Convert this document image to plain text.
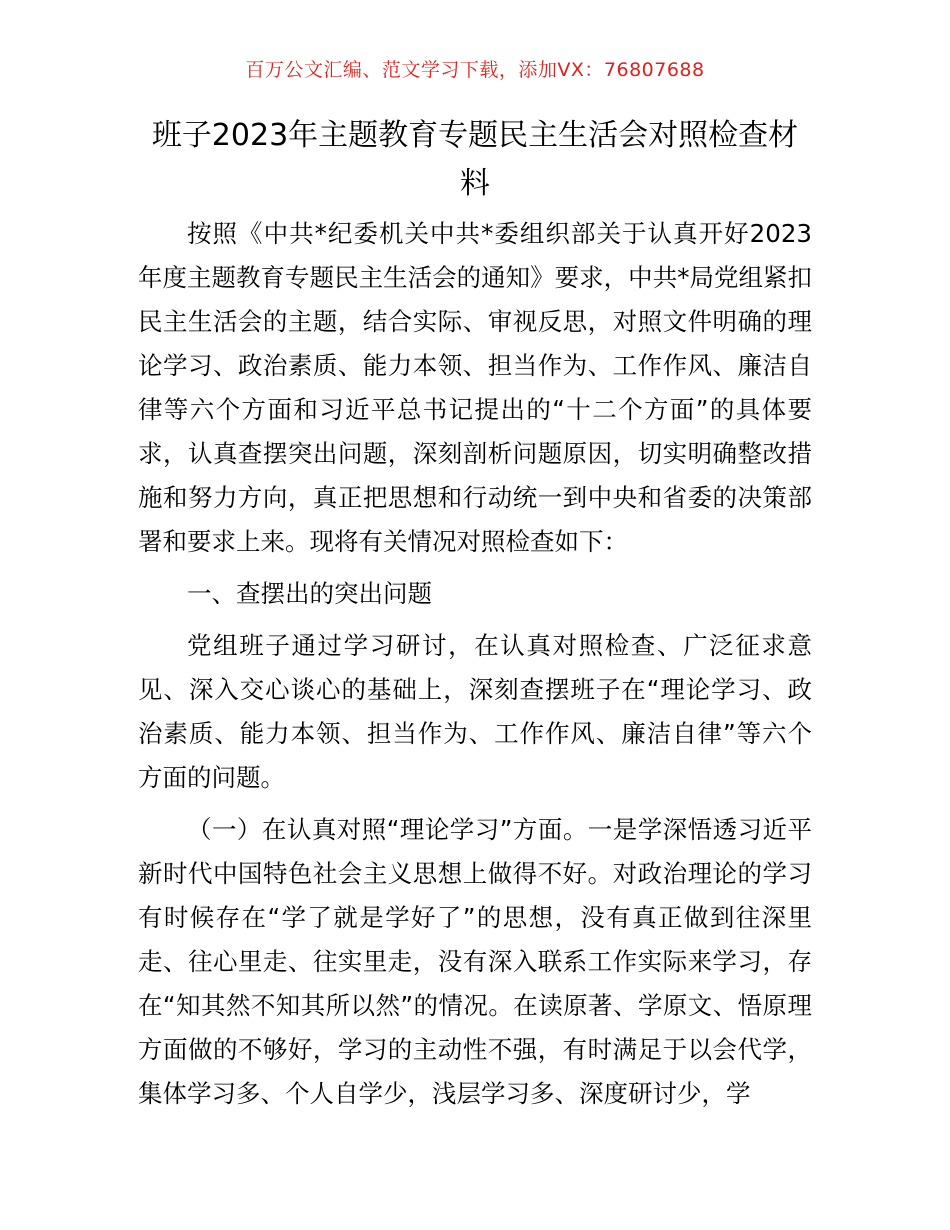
百万公文汇编、范文学习下载，添加VX：76807688
班子2023年主题教育专题民主生活会对照检查材料

按照《中共*纪委机关中共*委组织部关于认真开好2023年度主题教育专题民主生活会的通知》要求，中共*局党组紧扣民主生活会的主题，结合实际、审视反思，对照文件明确的理论学习、政治素质、能力本领、担当作为、工作作风、廉洁自律等六个方面和习近平总书记提出的“十二个方面”的具体要求，认真查摆突出问题，深刻剖析问题原因，切实明确整改措施和努力方向，真正把思想和行动统一到中央和省委的决策部署和要求上来。现将有关情况对照检查如下：

一、查摆出的突出问题

党组班子通过学习研讨，在认真对照检查、广泛征求意见、深入交心谈心的基础上，深刻查摆班子在“理论学习、政治素质、能力本领、担当作为、工作作风、廉洁自律”等六个方面的问题。

（一）在认真对照“理论学习”方面。一是学深悟透习近平新时代中国特色社会主义思想上做得不好。对政治理论的学习有时候存在“学了就是学好了”的思想，没有真正做到往深里走、往心里走、往实里走，没有深入联系工作实际来学习，存在“知其然不知其所以然”的情况。在读原著、学原文、悟原理方面做的不够好，学习的主动性不强，有时满足于以会代学，集体学习多、个人自学少，浅层学习多、深度研讨少，学
